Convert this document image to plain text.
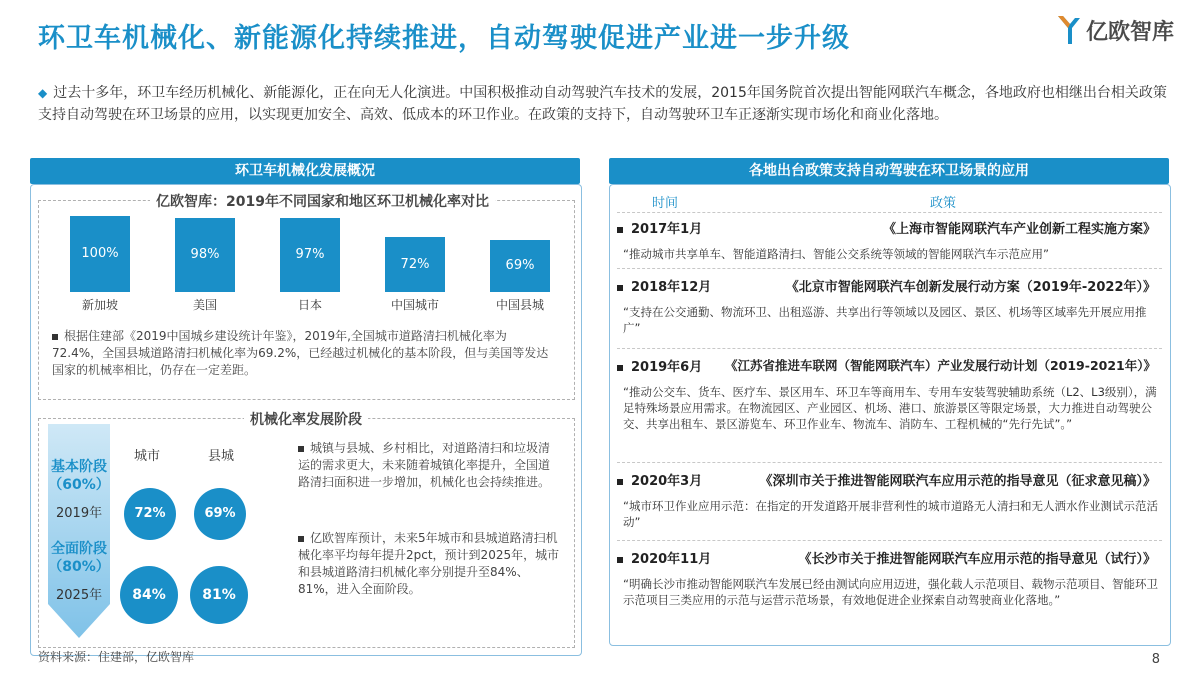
环卫车机械化、新能源化持续推进，自动驾驶促进产业进一步升级	亿欧智库
◆ 过去十多年，环卫车经历机械化、新能源化，正在向无人化演进。中国积极推动自动驾驶汽车技术的发展，2015年国务院首次提出智能网联汽车概念，各地政府也相继出台相关政策支持自动驾驶在环卫场景的应用，以实现更加安全、高效、低成本的环卫作业。在政策的支持下，自动驾驶环卫车正逐渐实现市场化和商业化落地。
环卫车机械化发展概况
亿欧智库：2019年不同国家和地区环卫机械化率对比
100%	98%	97%
72%	69%
新加坡	美国	日本	中国城市	中国县城
根据住建部《2019中国城乡建设统计年鉴》，2019年,全国城市道路清扫机械化率为72.4%，全国县城道路清扫机械化率为69.2%，已经越过机械化的基本阶段，但与美国等发达国家的机械率相比，仍存在一定差距。
机械化率发展阶段
基本阶段（60%）
2019年
全面阶段（80%）
2025年
城市	县城
72%	69%
84%	81%
城镇与县城、乡村相比，对道路清扫和垃圾清运的需求更大，未来随着城镇化率提升，全国道路清扫面积进一步增加，机械化也会持续推进。
亿欧智库预计，未来5年城市和县城道路清扫机械化率平均每年提升2pct，预计到2025年，城市和县城道路清扫机械化率分别提升至84%、81%，进入全面阶段。
各地出台政策支持自动驾驶在环卫场景的应用
时间	政策
2017年1月	《上海市智能网联汽车产业创新工程实施方案》
“推动城市共享单车、智能道路清扫、智能公交系统等领域的智能网联汽车示范应用”
2018年12月	《北京市智能网联汽车创新发展行动方案（2019年-2022年）》
“支持在公交通勤、物流环卫、出租巡游、共享出行等领域以及园区、景区、机场等区域率先开展应用推广”
2019年6月 《江苏省推进车联网（智能网联汽车）产业发展行动计划（2019-2021年）》
“推动公交车、货车、医疗车、景区用车、环卫车等商用车、专用车安装驾驶辅助系统（L2、L3级别），满足特殊场景应用需求。在物流园区、产业园区、机场、港口、旅游景区等限定场景，大力推进自动驾驶公交、共享出租车、景区游览车、环卫作业车、物流车、消防车、工程机械的“先行先试”。”
2020年3月	《深圳市关于推进智能网联汽车应用示范的指导意见（征求意见稿）》
“城市环卫作业应用示范：在指定的开发道路开展非营利性的城市道路无人清扫和无人洒水作业测试示范活动”
2020年11月	《长沙市关于推进智能网联汽车应用示范的指导意见（试行）》
“明确长沙市推动智能网联汽车发展已经由测试向应用迈进，强化载人示范项目、载物示范项目、智能环卫示范项目三类应用的示范与运营示范场景，有效地促进企业探索自动驾驶商业化落地。”
资料来源：住建部，亿欧智库	8
